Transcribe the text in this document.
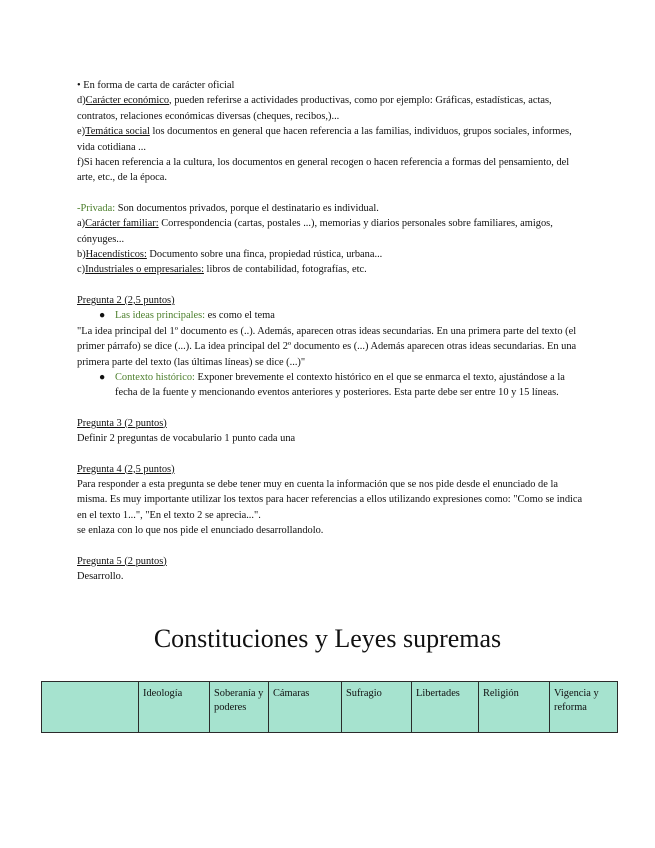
• En forma de carta de carácter oficial

d)Carácter económico, pueden referirse a actividades productivas, como por ejemplo: Gráficas, estadísticas, actas, contratos, relaciones económicas diversas (cheques, recibos,)...

e)Temática social los documentos en general que hacen referencia a las familias, individuos, grupos sociales, informes, vida cotidiana ...

f)Si hacen referencia a la cultura, los documentos en general recogen o hacen referencia a formas del pensamiento, del arte, etc., de la época.

-Privada: Son documentos privados, porque el destinatario es individual.

a)Carácter familiar: Correspondencia (cartas, postales ...), memorias y diarios personales sobre familiares, amigos, cónyuges...

b)Hacendísticos: Documento sobre una finca, propiedad rústica, urbana...

c)Industriales o empresariales: libros de contabilidad, fotografías, etc.

Pregunta 2 (2,5 puntos)

● Las ideas principales: es como el tema

"La idea principal del 1º documento es (..). Además, aparecen otras ideas secundarias. En una primera parte del texto (el primer párrafo) se dice (...). La idea principal del 2º documento es (...) Además aparecen otras ideas secundarias. En una primera parte del texto (las últimas líneas) se dice (...)"

● Contexto histórico: Exponer brevemente el contexto histórico en el que se enmarca el texto, ajustándose a la fecha de la fuente y mencionando eventos anteriores y posteriores. Esta parte debe ser entre 10 y 15 líneas.

Pregunta 3 (2 puntos)

Definir 2 preguntas de vocabulario 1 punto cada una

Pregunta 4 (2,5 puntos)

Para responder a esta pregunta se debe tener muy en cuenta la información que se nos pide desde el enunciado de la misma. Es muy importante utilizar los textos para hacer referencias a ellos utilizando expresiones como: "Como se indica en el texto 1...", "En el texto 2 se aprecia...".

se enlaza con lo que nos pide el enunciado desarrollandolo.

Pregunta 5 (2 puntos)

Desarrollo.

Constituciones y Leyes supremas
	Ideología	Soberanía y poderes	Cámaras	Sufragio	Libertades	Religión	Vigencia y reforma
